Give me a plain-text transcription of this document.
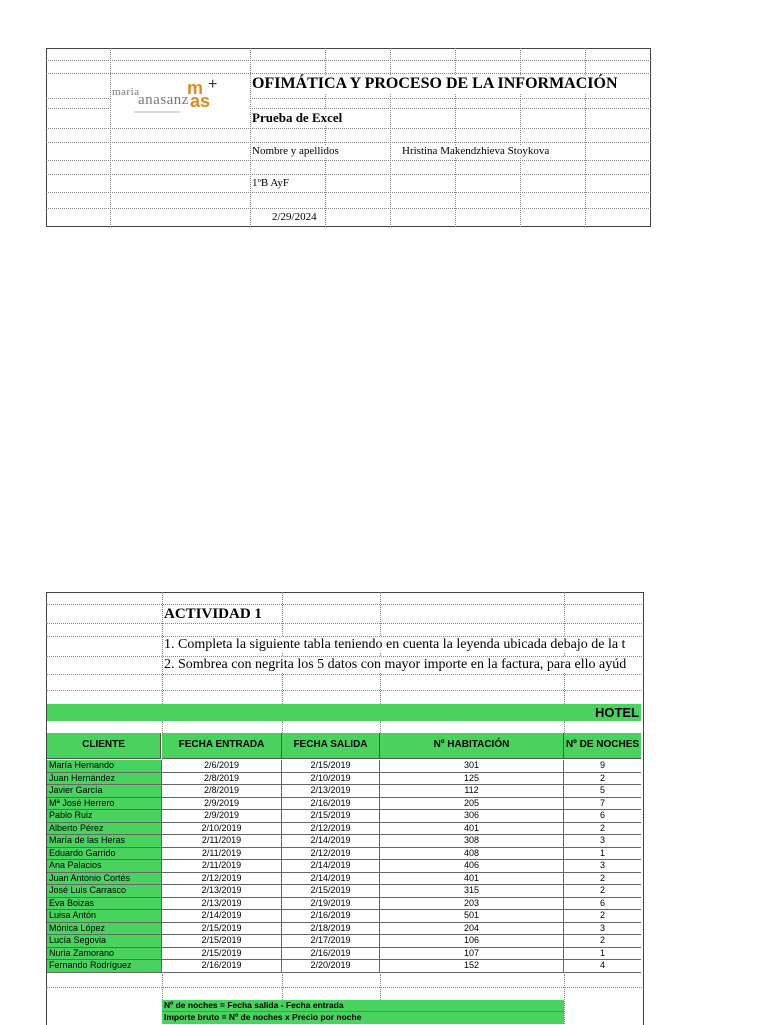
maria
anasanz
m
as
+ OFIMÁTICA Y PROCESO DE LA INFORMACIÓN
Prueba de Excel
Nombre y apellidos	Hristina Makendzhieva Stoykova
1ºB AyF
2/29/2024
ACTIVIDAD 1
1. Completa la siguiente tabla teniendo en cuenta la leyenda ubicada debajo de la t
2. Sombrea con negrita los 5 datos con mayor importe en la factura, para ello ayúd
HOTEL
CLIENTE	FECHA ENTRADA	FECHA SALIDA	Nº HABITACIÓN	Nº DE NOCHES
María Hernando	2/6/2019	2/15/2019	301	9
Juan Hernández	2/8/2019	2/10/2019	125	2
Javier García	2/8/2019	2/13/2019	112	5
Mª José Herrero	2/9/2019	2/16/2019	205	7
Pablo Ruiz	2/9/2019	2/15/2019	306	6
Alberto Pérez	2/10/2019	2/12/2019	401	2
María de las Heras	2/11/2019	2/14/2019	308	3
Eduardo Garrido	2/11/2019	2/12/2019	408	1
Ana Palacios	2/11/2019	2/14/2019	406	3
Juan Antonio Cortés	2/12/2019	2/14/2019	401	2
José Luis Carrasco	2/13/2019	2/15/2019	315	2
Eva Boizas	2/13/2019	2/19/2019	203	6
Luisa Antón	2/14/2019	2/16/2019	501	2
Mónica López	2/15/2019	2/18/2019	204	3
Lucía Segovia	2/15/2019	2/17/2019	106	2
Nuria Zamorano	2/15/2019	2/16/2019	107	1
Fernando Rodríguez	2/16/2019	2/20/2019	152	4
Nº de noches = Fecha salida - Fecha entrada
Importe bruto = Nº de noches x Precio por noche
